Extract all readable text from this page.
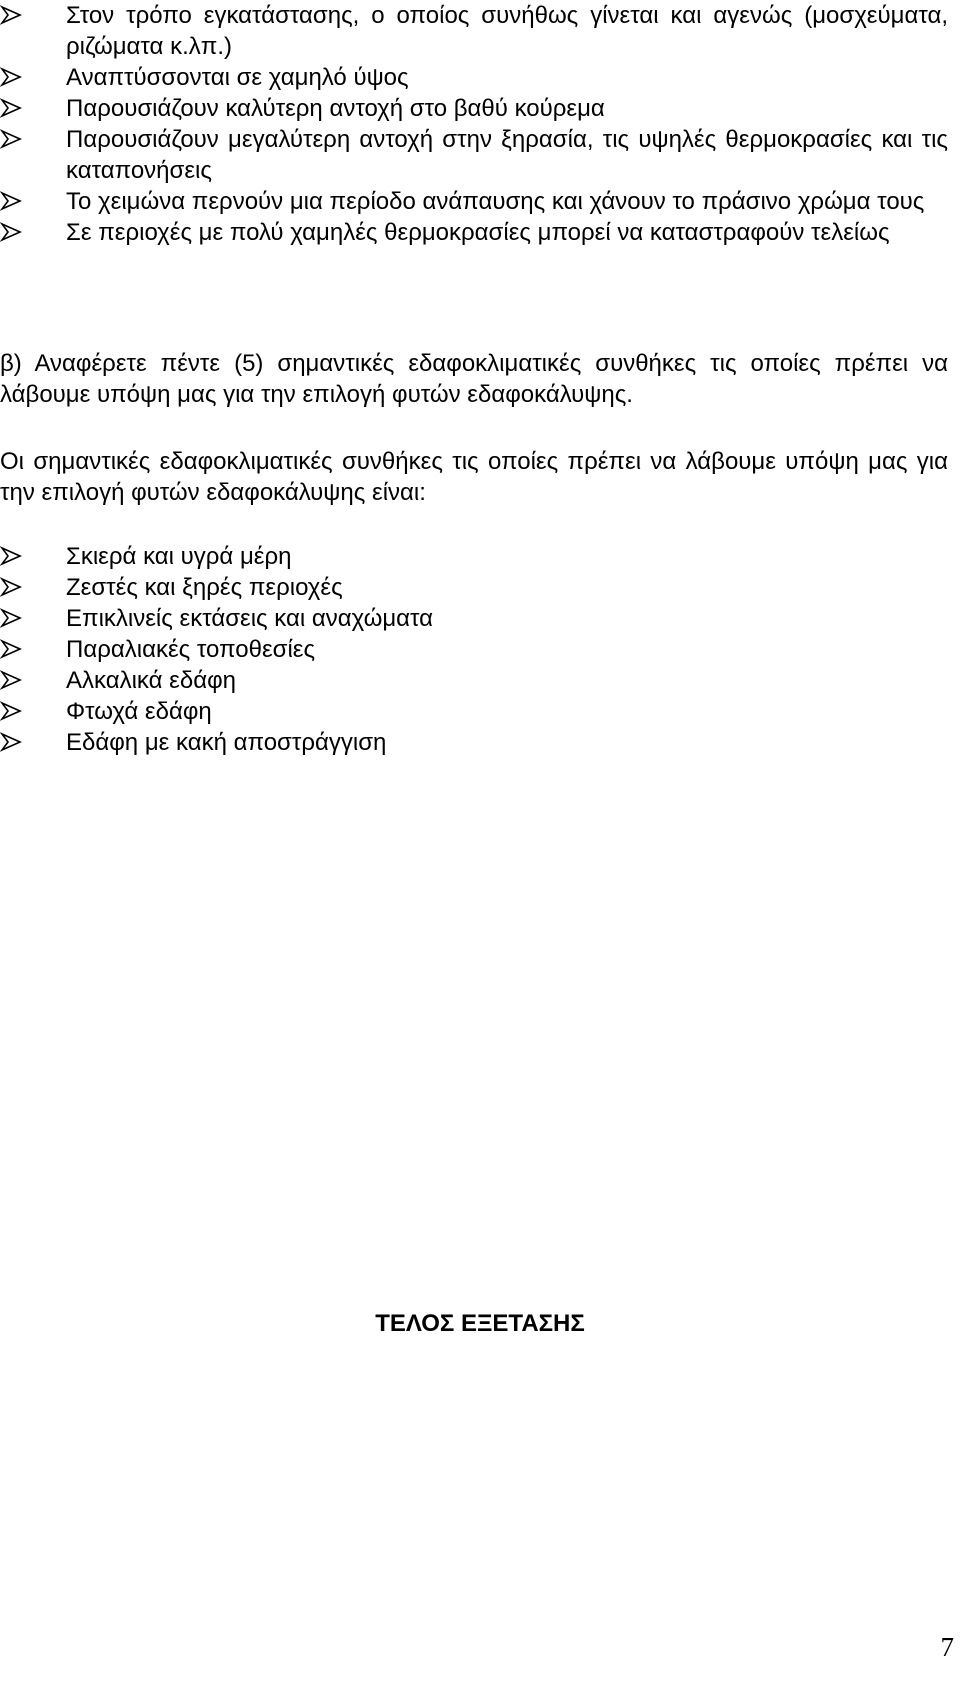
Στον τρόπο εγκατάστασης, ο οποίος συνήθως γίνεται και αγενώς (μοσχεύματα, ριζώματα κ.λπ.)
Αναπτύσσονται σε χαμηλό ύψος
Παρουσιάζουν καλύτερη αντοχή στο βαθύ κούρεμα
Παρουσιάζουν μεγαλύτερη αντοχή στην ξηρασία, τις υψηλές θερμοκρασίες και τις καταπονήσεις
Το χειμώνα περνούν μια περίοδο ανάπαυσης και χάνουν το πράσινο χρώμα τους
Σε περιοχές με πολύ χαμηλές θερμοκρασίες μπορεί να καταστραφούν τελείως

β) Αναφέρετε πέντε (5) σημαντικές εδαφοκλιματικές συνθήκες τις οποίες πρέπει να λάβουμε υπόψη μας για την επιλογή φυτών εδαφοκάλυψης.

Οι σημαντικές εδαφοκλιματικές συνθήκες τις οποίες πρέπει να λάβουμε υπόψη μας για την επιλογή φυτών εδαφοκάλυψης είναι:

Σκιερά και υγρά μέρη
Ζεστές και ξηρές περιοχές
Επικλινείς εκτάσεις και αναχώματα
Παραλιακές τοποθεσίες
Αλκαλικά εδάφη
Φτωχά εδάφη
Εδάφη με κακή αποστράγγιση

ΤΕΛΟΣ ΕΞΕΤΑΣΗΣ

7
